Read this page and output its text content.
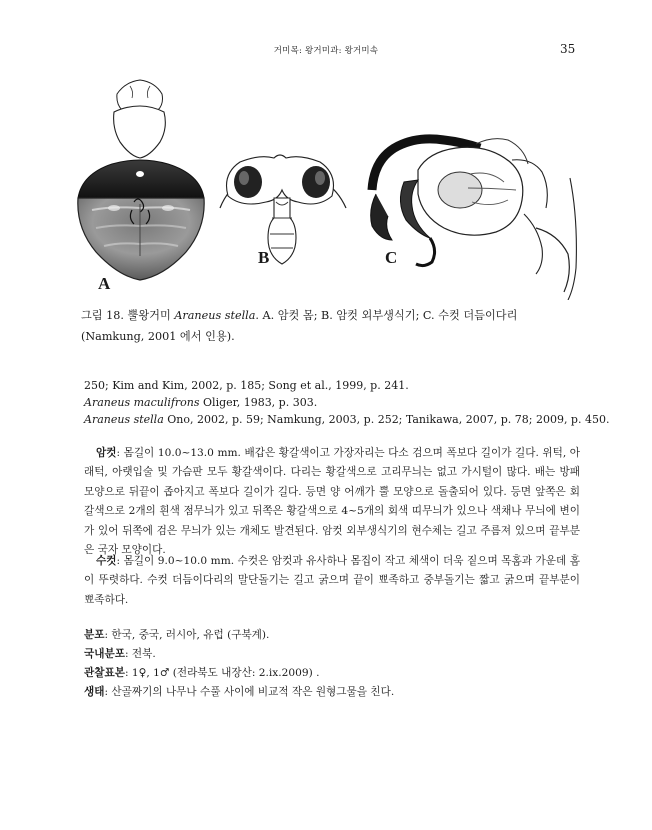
거미목: 왕거미과: 왕거미속	35
A
B	C
그림 18. 뿔왕거미 Araneus stella. A. 암컷 몸; B. 암컷 외부생식기; C. 수컷 더듬이다리 (Namkung, 2001 에서 인용).
250; Kim and Kim, 2002, p. 185; Song et al., 1999, p. 241.
Araneus maculifrons Oliger, 1983, p. 303.
Araneus stella Ono, 2002, p. 59; Namkung, 2003, p. 252; Tanikawa, 2007, p. 78; 2009, p. 450.
암컷: 몸길이 10.0~13.0 mm. 배갑은 황갈색이고 가장자리는 다소 검으며 폭보다 길이가 길다. 위턱, 아래턱, 아랫입술 및 가슴판 모두 황갈색이다. 다리는 황갈색으로 고리무늬는 없고 가시털이 많다. 배는 방패 모양으로 뒤끝이 좁아지고 폭보다 길이가 길다. 등면 양 어깨가 뿔 모양으로 돌출되어 있다. 등면 앞쪽은 회갈색으로 2개의 흰색 점무늬가 있고 뒤쪽은 황갈색으로 4~5개의 회색 띠무늬가 있으나 색채나 무늬에 변이가 있어 뒤쪽에 검은 무늬가 있는 개체도 발견된다. 암컷 외부생식기의 현수체는 길고 주름져 있으며 끝부분은 국자 모양이다.
수컷: 몸길이 9.0~10.0 mm. 수컷은 암컷과 유사하나 몸집이 작고 체색이 더욱 짙으며 목홈과 가운데 홈이 뚜렷하다. 수컷 더듬이다리의 말단돌기는 길고 굵으며 끝이 뾰족하고 중부돌기는 짧고 굵으며 끝부분이 뾰족하다.
분포: 한국, 중국, 러시아, 유럽 (구북계).
국내분포: 전북.
관찰표본: 1♀, 1♂ (전라북도 내장산: 2.ix.2009) .
생태: 산골짜기의 나무나 수풀 사이에 비교적 작은 원형그물을 친다.
